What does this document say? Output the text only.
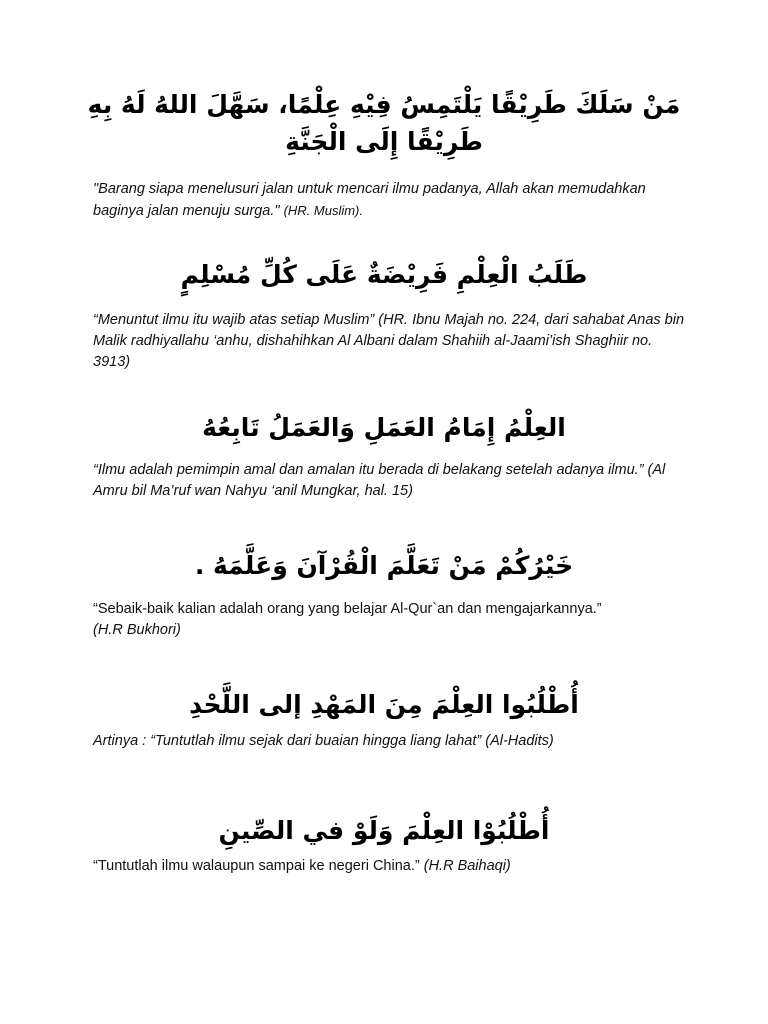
مَنْ سَلَكَ طَرِيْقًا يَلْتَمِسُ فِيْهِ عِلْمًا، سَهَّلَ اللهُ لَهُ بِهِ طَرِيْقًا إِلَى الْجَنَّةِ
"Barang siapa menelusuri jalan untuk mencari ilmu padanya, Allah akan memudahkan baginya jalan menuju surga." (HR. Muslim).
طَلَبُ الْعِلْمِ فَرِيْضَةٌ عَلَى كُلِّ مُسْلِمٍ
“Menuntut ilmu itu wajib atas setiap Muslim” (HR. Ibnu Majah no. 224, dari sahabat Anas bin Malik radhiyallahu ‘anhu, dishahihkan Al Albani dalam Shahiih al-Jaami’ish Shaghiir no. 3913)
العِلْمُ إِمَامُ العَمَلِ وَالعَمَلُ تَابِعُهُ
“Ilmu adalah pemimpin amal dan amalan itu berada di belakang setelah adanya ilmu.” (Al Amru bil Ma’ruf wan Nahyu ‘anil Mungkar, hal. 15)
خَيْرُكُمْ مَنْ تَعَلَّمَ الْقُرْآنَ وَعَلَّمَهُ .
“Sebaik-baik kalian adalah orang yang belajar Al-Qur`an dan mengajarkannya.”
(H.R Bukhori)
أُطْلُبُوا العِلْمَ مِنَ المَهْدِ إلى اللَّحْدِ
Artinya : “Tuntutlah ilmu sejak dari buaian hingga liang lahat” (Al-Hadits)
أُطْلُبُوْا العِلْمَ وَلَوْ في الصِّينِ
“Tuntutlah ilmu walaupun sampai ke negeri China.” (H.R Baihaqi)
